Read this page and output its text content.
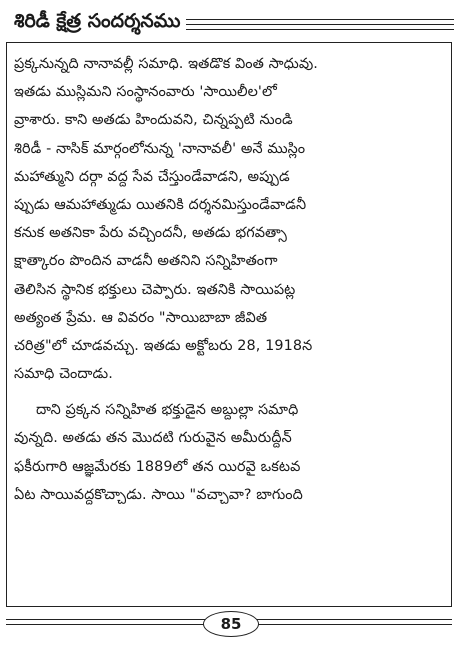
శిరిడీ క్షేత్ర సందర్శనము
ప్రక్కనున్నది నానావల్లీ సమాధి. ఇతడొక వింత సాధువు.
ఇతడు ముస్లిమని సంస్థానంవారు 'సాయిలీల'లో
వ్రాశారు. కాని అతడు హిందువని, చిన్నప్పటి నుండి
శిరిడీ - నాసిక్ మార్గంలోనున్న 'నానావలీ' అనే ముస్లిం
మహాత్ముని దర్గా వద్ద సేవ చేస్తుండేవాడని, అప్పుడ
ప్పుడు ఆమహాత్ముడు యితనికి దర్శనమిస్తుండేవాడనీ
కనుక అతనికా పేరు వచ్చిందనీ, అతడు భగవత్సా
క్షాత్కారం పొందిన వాడనీ అతనిని సన్నిహితంగా
తెలిసిన స్థానిక భక్తులు చెప్పారు. ఇతనికి సాయిపట్ల
అత్యంత ప్రేమ. ఆ వివరం "సాయిబాబా జీవిత
చరిత్ర"లో చూడవచ్చు. ఇతడు అక్టోబరు 28, 1918న
సమాధి చెందాడు.
దాని ప్రక్కన సన్నిహిత భక్తుడైన అబ్దుల్లా సమాధి
వున్నది. అతడు తన మొదటి గురువైన అమీరుద్దీన్
ఫకీరుగారి ఆజ్ఞమేరకు 1889లో తన యిరవై ఒకటవ
ఏట సాయివద్దకొచ్చాడు. సాయి "వచ్చావా? బాగుంది
85
